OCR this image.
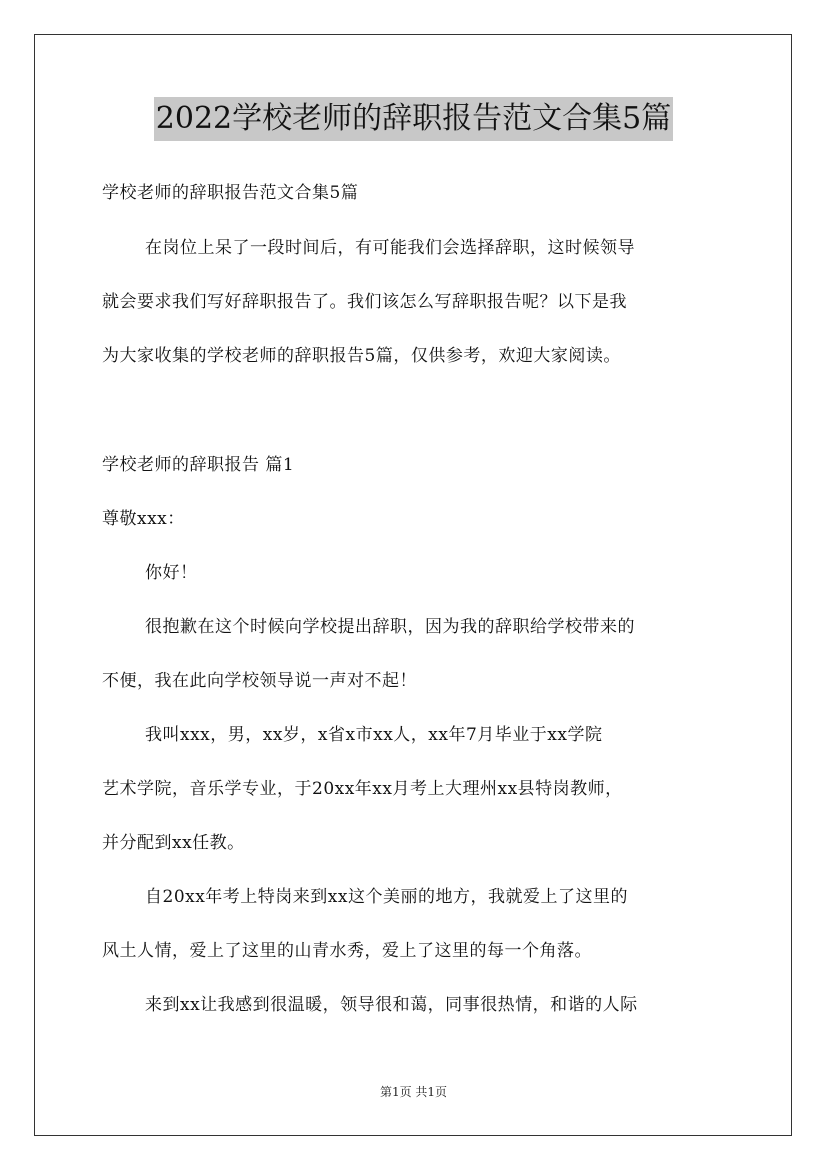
2022学校老师的辞职报告范文合集5篇
学校老师的辞职报告范文合集5篇
在岗位上呆了一段时间后，有可能我们会选择辞职，这时候领导
就会要求我们写好辞职报告了。我们该怎么写辞职报告呢？以下是我
为大家收集的学校老师的辞职报告5篇，仅供参考，欢迎大家阅读。
学校老师的辞职报告 篇1
尊敬xxx：
你好！
很抱歉在这个时候向学校提出辞职，因为我的辞职给学校带来的
不便，我在此向学校领导说一声对不起！
我叫xxx，男，xx岁，x省x市xx人，xx年7月毕业于xx学院
艺术学院，音乐学专业，于20xx年xx月考上大理州xx县特岗教师，
并分配到xx任教。
自20xx年考上特岗来到xx这个美丽的地方，我就爱上了这里的
风土人情，爱上了这里的山青水秀，爱上了这里的每一个角落。
来到xx让我感到很温暖，领导很和蔼，同事很热情，和谐的人际
第1页 共1页
